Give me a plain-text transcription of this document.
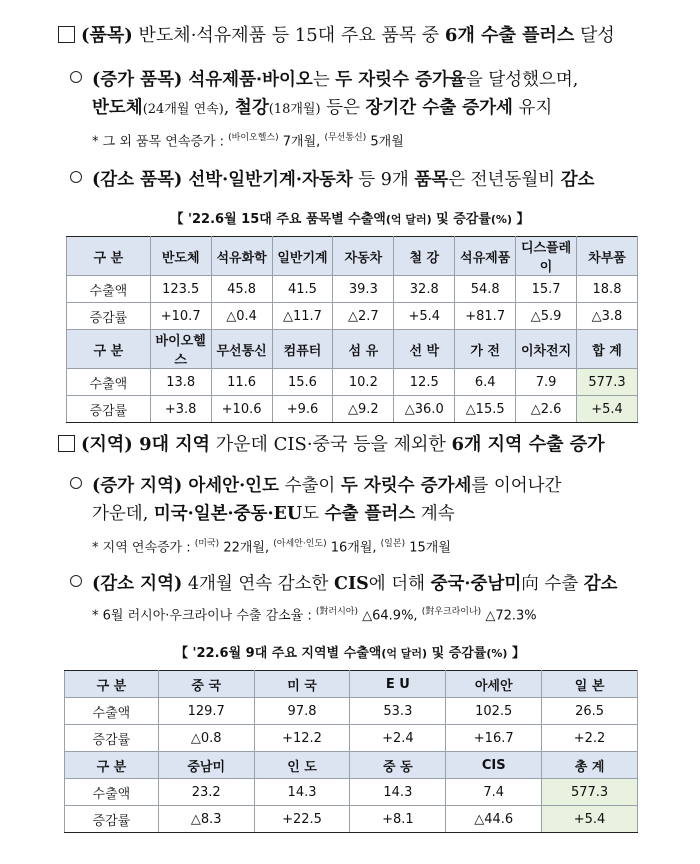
(품목) 반도체·석유제품 등 15대 주요 품목 중 6개 수출 플러스 달성
(증가 품목) 석유제품·바이오는 두 자릿수 증가율을 달성했으며,
반도체(24개월 연속), 철강(18개월) 등은 장기간 수출 증가세 유지
* 그 외 품목 연속증가 : $^{(바이오헬스)}$ 7개월, $^{(무선통신)}$ 5개월
(감소 품목) 선박·일반기계·자동차 등 9개 품목은 전년동월비 감소
【 '22.6월 15대 주요 품목별 수출액(억 달러) 및 증감률(%) 】
구 분	반도체	석유화학	일반기계	자동차	철 강	석유제품	디스플레이	차부품
수출액	123.5	45.8	41.5	39.3	32.8	54.8	15.7	18.8
증감률	+10.7	△0.4	△11.7	△2.7	+5.4	+81.7	△5.9	△3.8
구 분	바이오헬스	무선통신	컴퓨터	섬 유	선 박	가 전	이차전지	합 계
수출액	13.8	11.6	15.6	10.2	12.5	6.4	7.9	577.3
증감률	+3.8	+10.6	+9.6	△9.2	△36.0	△15.5	△2.6	+5.4
(지역) 9대 지역 가운데 CIS·중국 등을 제외한 6개 지역 수출 증가
(증가 지역) 아세안·인도 수출이 두 자릿수 증가세를 이어나간
가운데, 미국·일본·중동·EU도 수출 플러스 계속
* 지역 연속증가 : $^{(미국)}$ 22개월, $^{(아세안\cdot 인도)}$ 16개월, $^{(일본)}$ 15개월
(감소 지역) 4개월 연속 감소한 CIS에 더해 중국·중남미向 수출 감소
* 6월 러시아·우크라이나 수출 감소율 : $^{(對러시아)}$ △64.9%, $^{(對우크라이나)}$ △72.3%
【 '22.6월 9대 주요 지역별 수출액(억 달러) 및 증감률(%) 】
구 분	중 국	미 국	E U	아세안	일 본
수출액	129.7	97.8	53.3	102.5	26.5
증감률	△0.8	+12.2	+2.4	+16.7	+2.2
구 분	중남미	인 도	중 동	CIS	총 계
수출액	23.2	14.3	14.3	7.4	577.3
증감률	△8.3	+22.5	+8.1	△44.6	+5.4
